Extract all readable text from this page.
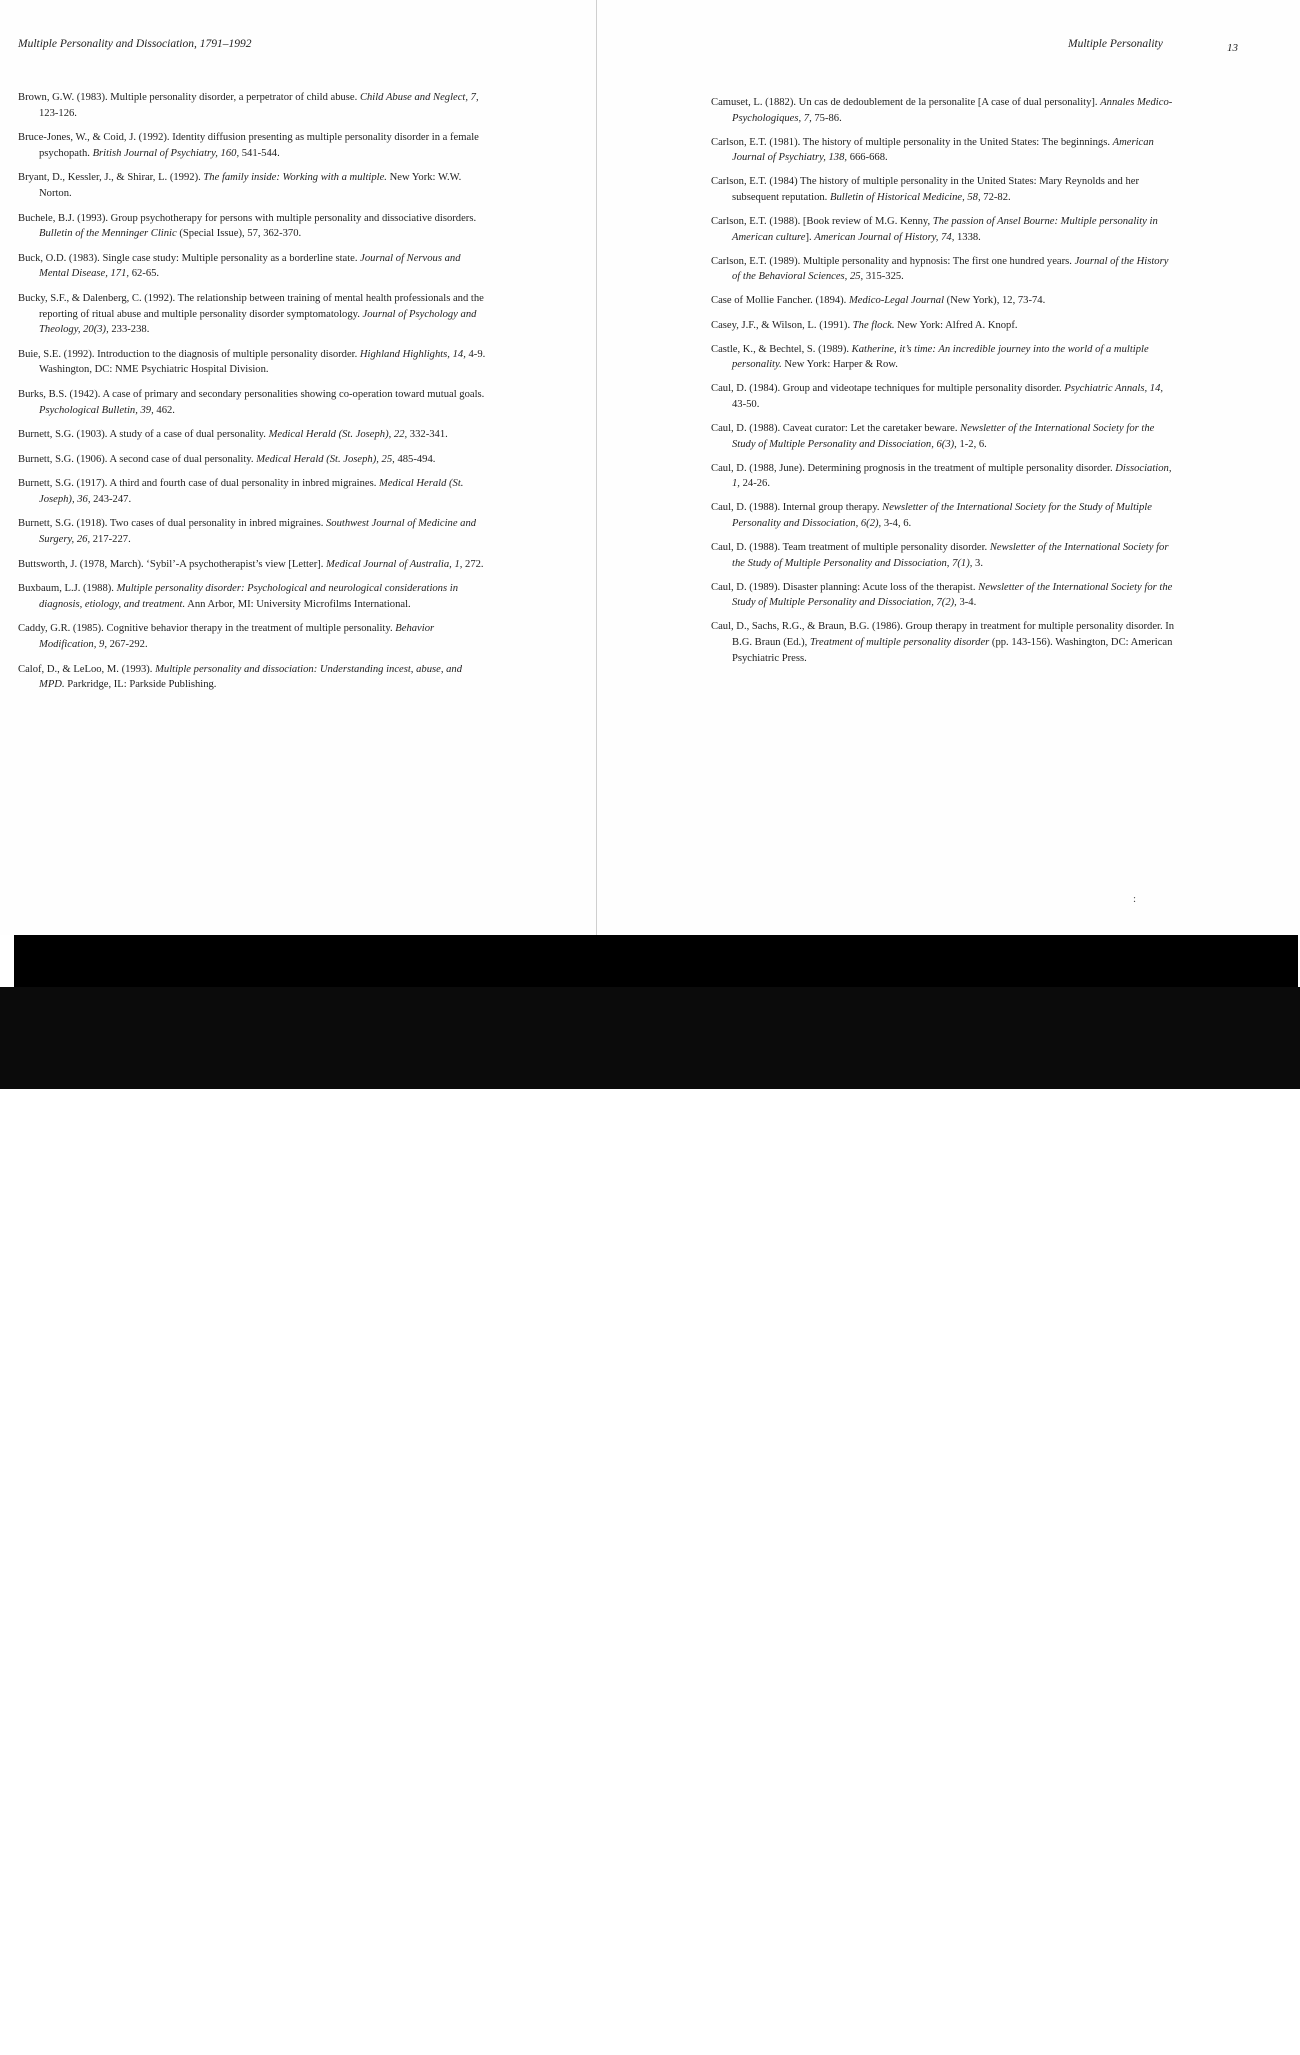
Multiple Personality and Dissociation, 1791–1992
Brown, G.W. (1983). Multiple personality disorder, a perpetrator of child abuse. Child Abuse and Neglect, 7, 123-126.
Bruce-Jones, W., & Coid, J. (1992). Identity diffusion presenting as multiple personality disorder in a female psychopath. British Journal of Psychiatry, 160, 541-544.
Bryant, D., Kessler, J., & Shirar, L. (1992). The family inside: Working with a multiple. New York: W.W. Norton.
Buchele, B.J. (1993). Group psychotherapy for persons with multiple personality and dissociative disorders. Bulletin of the Menninger Clinic (Special Issue), 57, 362-370.
Buck, O.D. (1983). Single case study: Multiple personality as a borderline state. Journal of Nervous and Mental Disease, 171, 62-65.
Bucky, S.F., & Dalenberg, C. (1992). The relationship between training of mental health professionals and the reporting of ritual abuse and multiple personality disorder symptomatology. Journal of Psychology and Theology, 20(3), 233-238.
Buie, S.E. (1992). Introduction to the diagnosis of multiple personality disorder. Highland Highlights, 14, 4-9. Washington, DC: NME Psychiatric Hospital Division.
Burks, B.S. (1942). A case of primary and secondary personalities showing co-operation toward mutual goals. Psychological Bulletin, 39, 462.
Burnett, S.G. (1903). A study of a case of dual personality. Medical Herald (St. Joseph), 22, 332-341.
Burnett, S.G. (1906). A second case of dual personality. Medical Herald (St. Joseph), 25, 485-494.
Burnett, S.G. (1917). A third and fourth case of dual personality in inbred migraines. Medical Herald (St. Joseph), 36, 243-247.
Burnett, S.G. (1918). Two cases of dual personality in inbred migraines. Southwest Journal of Medicine and Surgery, 26, 217-227.
Buttsworth, J. (1978, March). ‘Sybil’-A psychotherapist’s view [Letter]. Medical Journal of Australia, 1, 272.
Buxbaum, L.J. (1988). Multiple personality disorder: Psychological and neurological considerations in diagnosis, etiology, and treatment. Ann Arbor, MI: University Microfilms International.
Caddy, G.R. (1985). Cognitive behavior therapy in the treatment of multiple personality. Behavior Modification, 9, 267-292.
Calof, D., & LeLoo, M. (1993). Multiple personality and dissociation: Understanding incest, abuse, and MPD. Parkridge, IL: Parkside Publishing.
Multiple Personality	13
Camuset, L. (1882). Un cas de dedoublement de la personalite [A case of dual personality]. Annales Medico-Psychologiques, 7, 75-86.
Carlson, E.T. (1981). The history of multiple personality in the United States: The beginnings. American Journal of Psychiatry, 138, 666-668.
Carlson, E.T. (1984) The history of multiple personality in the United States: Mary Reynolds and her subsequent reputation. Bulletin of Historical Medicine, 58, 72-82.
Carlson, E.T. (1988). [Book review of M.G. Kenny, The passion of Ansel Bourne: Multiple personality in American culture]. American Journal of History, 74, 1338.
Carlson, E.T. (1989). Multiple personality and hypnosis: The first one hundred years. Journal of the History of the Behavioral Sciences, 25, 315-325.
Case of Mollie Fancher. (1894). Medico-Legal Journal (New York), 12, 73-74.
Casey, J.F., & Wilson, L. (1991). The flock. New York: Alfred A. Knopf.
Castle, K., & Bechtel, S. (1989). Katherine, it’s time: An incredible journey into the world of a multiple personality. New York: Harper & Row.
Caul, D. (1984). Group and videotape techniques for multiple personality disorder. Psychiatric Annals, 14, 43-50.
Caul, D. (1988). Caveat curator: Let the caretaker beware. Newsletter of the International Society for the Study of Multiple Personality and Dissociation, 6(3), 1-2, 6.
Caul, D. (1988, June). Determining prognosis in the treatment of multiple personality disorder. Dissociation, 1, 24-26.
Caul, D. (1988). Internal group therapy. Newsletter of the International Society for the Study of Multiple Personality and Dissociation, 6(2), 3-4, 6.
Caul, D. (1988). Team treatment of multiple personality disorder. Newsletter of the International Society for the Study of Multiple Personality and Dissociation, 7(1), 3.
Caul, D. (1989). Disaster planning: Acute loss of the therapist. Newsletter of the International Society for the Study of Multiple Personality and Dissociation, 7(2), 3-4.
Caul, D., Sachs, R.G., & Braun, B.G. (1986). Group therapy in treatment for multiple personality disorder. In B.G. Braun (Ed.), Treatment of multiple personality disorder (pp. 143-156). Washington, DC: American Psychiatric Press.
:
alamy	3APJKGJ
www.alamy.com
